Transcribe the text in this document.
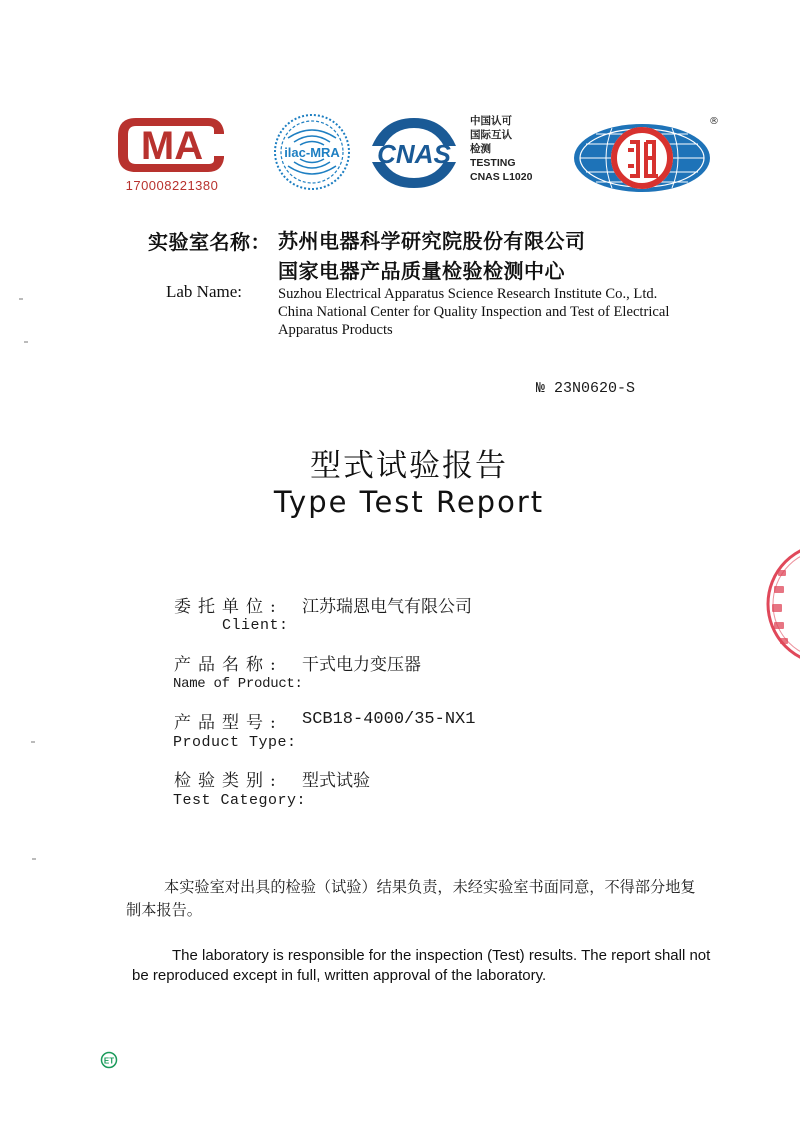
MA
170008221380
ilac-MRA CNAS
中国认可
国际互认
检测
TESTING
CNAS L1020
®
实验室名称： 苏州电器科学研究院股份有限公司
国家电器产品质量检验检测中心
Lab Name: Suzhou Electrical Apparatus Science Research Institute Co., Ltd.
China National Center for Quality Inspection and Test of Electrical
Apparatus Products
№ 23N0620-S
型式试验报告
Type Test Report
委托单位: 江苏瑞恩电气有限公司
Client:
产品名称: 干式电力变压器
Name of Product:
产品型号: SCB18-4000/35-NX1
Product Type:
检验类别: 型式试验
Test Category:
本实验室对出具的检验（试验）结果负责，未经实验室书面同意，不得部分地复制本报告。
The laboratory is responsible for the inspection (Test) results. The report shall not be reproduced except in full, written approval of the laboratory.
ET
